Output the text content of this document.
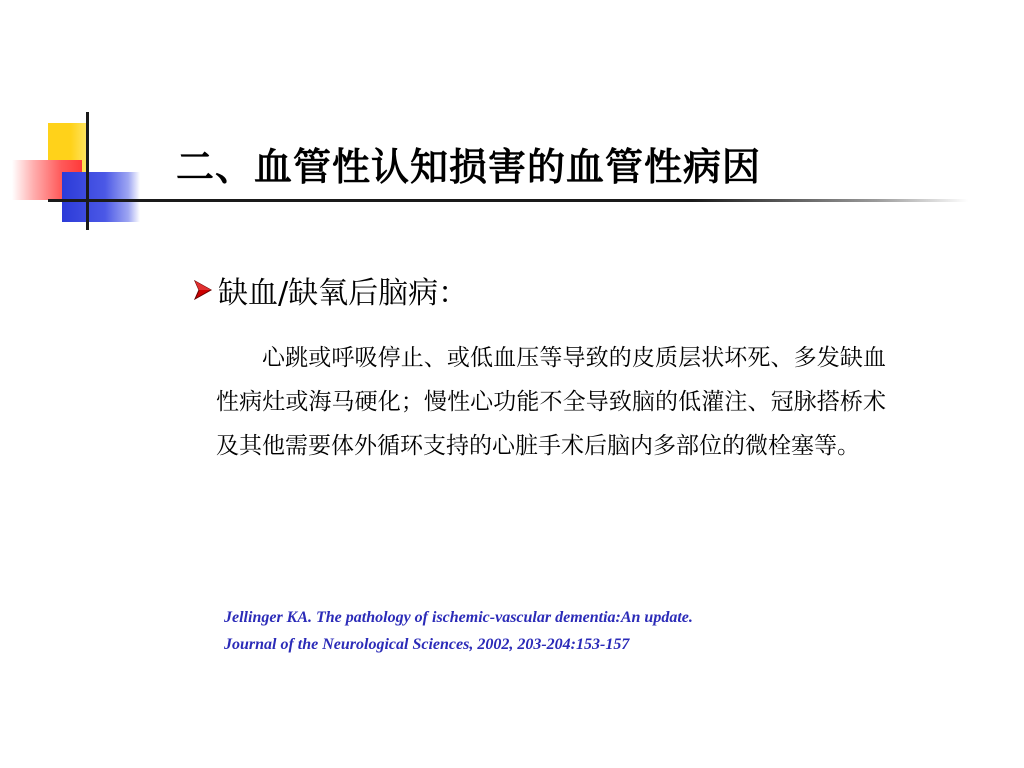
二、血管性认知损害的血管性病因
缺血/缺氧后脑病：
心跳或呼吸停止、或低血压等导致的皮质层状坏死、多发缺血性病灶或海马硬化；慢性心功能不全导致脑的低灌注、冠脉搭桥术及其他需要体外循环支持的心脏手术后脑内多部位的微栓塞等。
Jellinger KA. The pathology of ischemic-vascular dementia:An update.
Journal of the Neurological Sciences, 2002, 203-204:153-157
